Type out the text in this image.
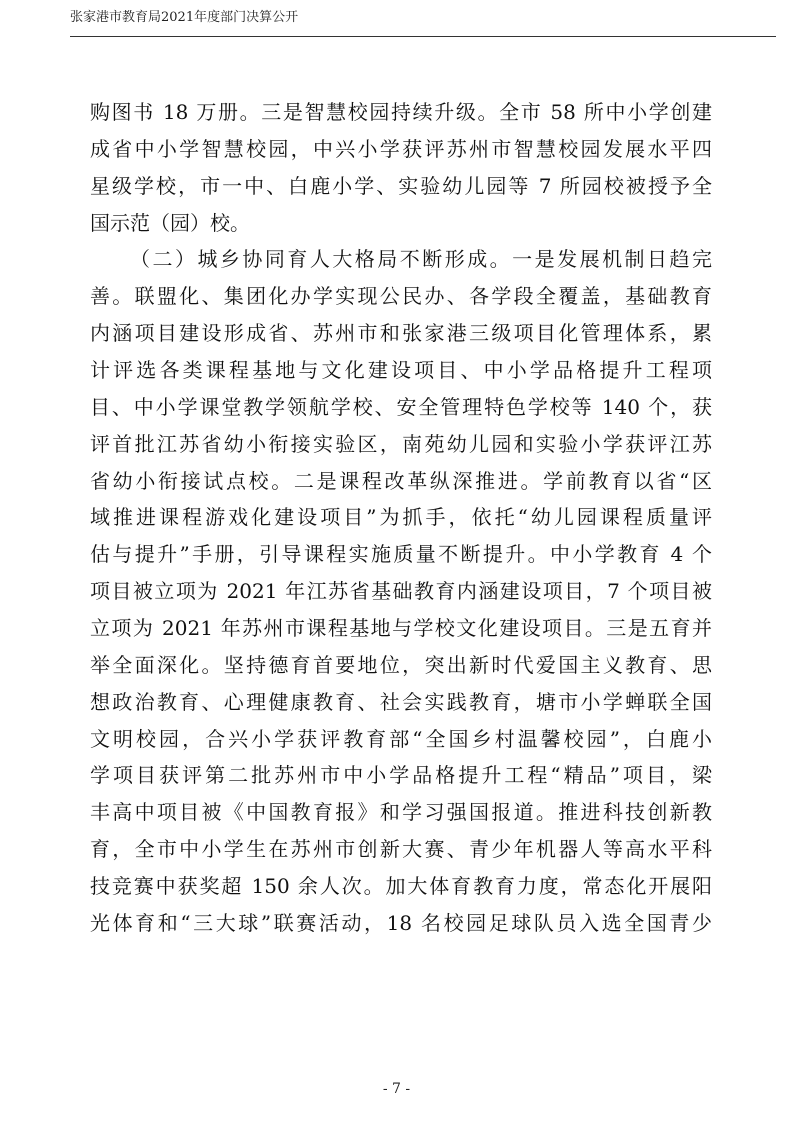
张家港市教育局2021年度部门决算公开
购图书 18 万册。三是智慧校园持续升级。全市 58 所中小学创建
成省中小学智慧校园，中兴小学获评苏州市智慧校园发展水平四
星级学校，市一中、白鹿小学、实验幼儿园等 7 所园校被授予全
国示范（园）校。
（二）城乡协同育人大格局不断形成。一是发展机制日趋完
善。联盟化、集团化办学实现公民办、各学段全覆盖，基础教育
内涵项目建设形成省、苏州市和张家港三级项目化管理体系，累
计评选各类课程基地与文化建设项目、中小学品格提升工程项
目、中小学课堂教学领航学校、安全管理特色学校等 140 个，获
评首批江苏省幼小衔接实验区，南苑幼儿园和实验小学获评江苏
省幼小衔接试点校。二是课程改革纵深推进。学前教育以省“区
域推进课程游戏化建设项目”为抓手，依托“幼儿园课程质量评
估与提升”手册，引导课程实施质量不断提升。中小学教育 4 个
项目被立项为 2021 年江苏省基础教育内涵建设项目，7 个项目被
立项为 2021 年苏州市课程基地与学校文化建设项目。三是五育并
举全面深化。坚持德育首要地位，突出新时代爱国主义教育、思
想政治教育、心理健康教育、社会实践教育，塘市小学蝉联全国
文明校园，合兴小学获评教育部“全国乡村温馨校园”，白鹿小
学项目获评第二批苏州市中小学品格提升工程“精品”项目，梁
丰高中项目被《中国教育报》和学习强国报道。推进科技创新教
育，全市中小学生在苏州市创新大赛、青少年机器人等高水平科
技竞赛中获奖超 150 余人次。加大体育教育力度，常态化开展阳
光体育和“三大球”联赛活动，18 名校园足球队员入选全国青少
- 7 -
